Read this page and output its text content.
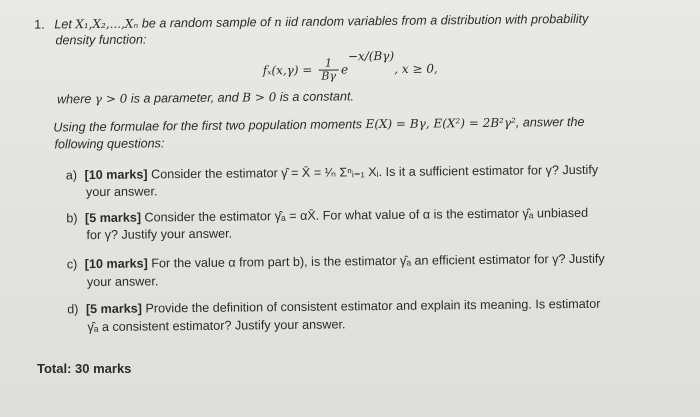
1. Let X₁,X₂,...,Xₙ be a random sample of n iid random variables from a distribution with probability
density function:
$f_x(x,\gamma) = \frac{1}{B\gamma} e^{-x/(B\gamma)}$, x ≥ 0,
where γ > 0 is a parameter, and B > 0 is a constant.
Using the formulae for the first two population moments E(X) = Bγ, E(X²) = 2B²γ², answer the
following questions:
a) [10 marks] Consider the estimator γ̂ = X̄ = ¹⁄ₙ Σⁿᵢ₌₁ Xᵢ. Is it a sufficient estimator for γ? Justify
your answer.
b) [5 marks] Consider the estimator γ̂ₐ = αX̄. For what value of α is the estimator γ̂ₐ unbiased
for γ? Justify your answer.
c) [10 marks] For the value α from part b), is the estimator γ̂ₐ an efficient estimator for γ? Justify
your answer.
d) [5 marks] Provide the definition of consistent estimator and explain its meaning. Is estimator
γ̂ₐ a consistent estimator? Justify your answer.
Total: 30 marks
